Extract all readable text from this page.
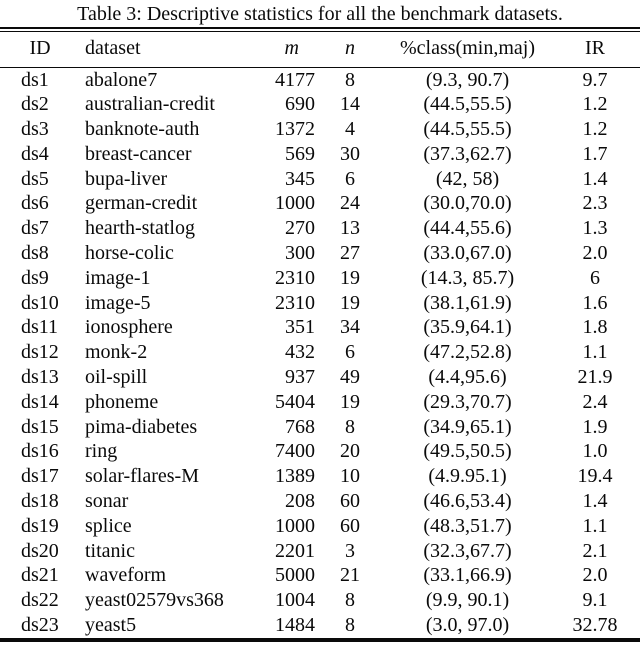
Table 3: Descriptive statistics for all the benchmark datasets.
ID	dataset	m	n	%class(min,maj)	IR
ds1	abalone7	4177	8	(9.3, 90.7)	9.7
ds2	australian-credit	690	14	(44.5,55.5)	1.2
ds3	banknote-auth	1372	4	(44.5,55.5)	1.2
ds4	breast-cancer	569	30	(37.3,62.7)	1.7
ds5	bupa-liver	345	6	(42, 58)	1.4
ds6	german-credit	1000	24	(30.0,70.0)	2.3
ds7	hearth-statlog	270	13	(44.4,55.6)	1.3
ds8	horse-colic	300	27	(33.0,67.0)	2.0
ds9	image-1	2310	19	(14.3, 85.7)	6
ds10	image-5	2310	19	(38.1,61.9)	1.6
ds11	ionosphere	351	34	(35.9,64.1)	1.8
ds12	monk-2	432	6	(47.2,52.8)	1.1
ds13	oil-spill	937	49	(4.4,95.6)	21.9
ds14	phoneme	5404	19	(29.3,70.7)	2.4
ds15	pima-diabetes	768	8	(34.9,65.1)	1.9
ds16	ring	7400	20	(49.5,50.5)	1.0
ds17	solar-flares-M	1389	10	(4.9.95.1)	19.4
ds18	sonar	208	60	(46.6,53.4)	1.4
ds19	splice	1000	60	(48.3,51.7)	1.1
ds20	titanic	2201	3	(32.3,67.7)	2.1
ds21	waveform	5000	21	(33.1,66.9)	2.0
ds22	yeast02579vs368	1004	8	(9.9, 90.1)	9.1
ds23	yeast5	1484	8	(3.0, 97.0)	32.78
